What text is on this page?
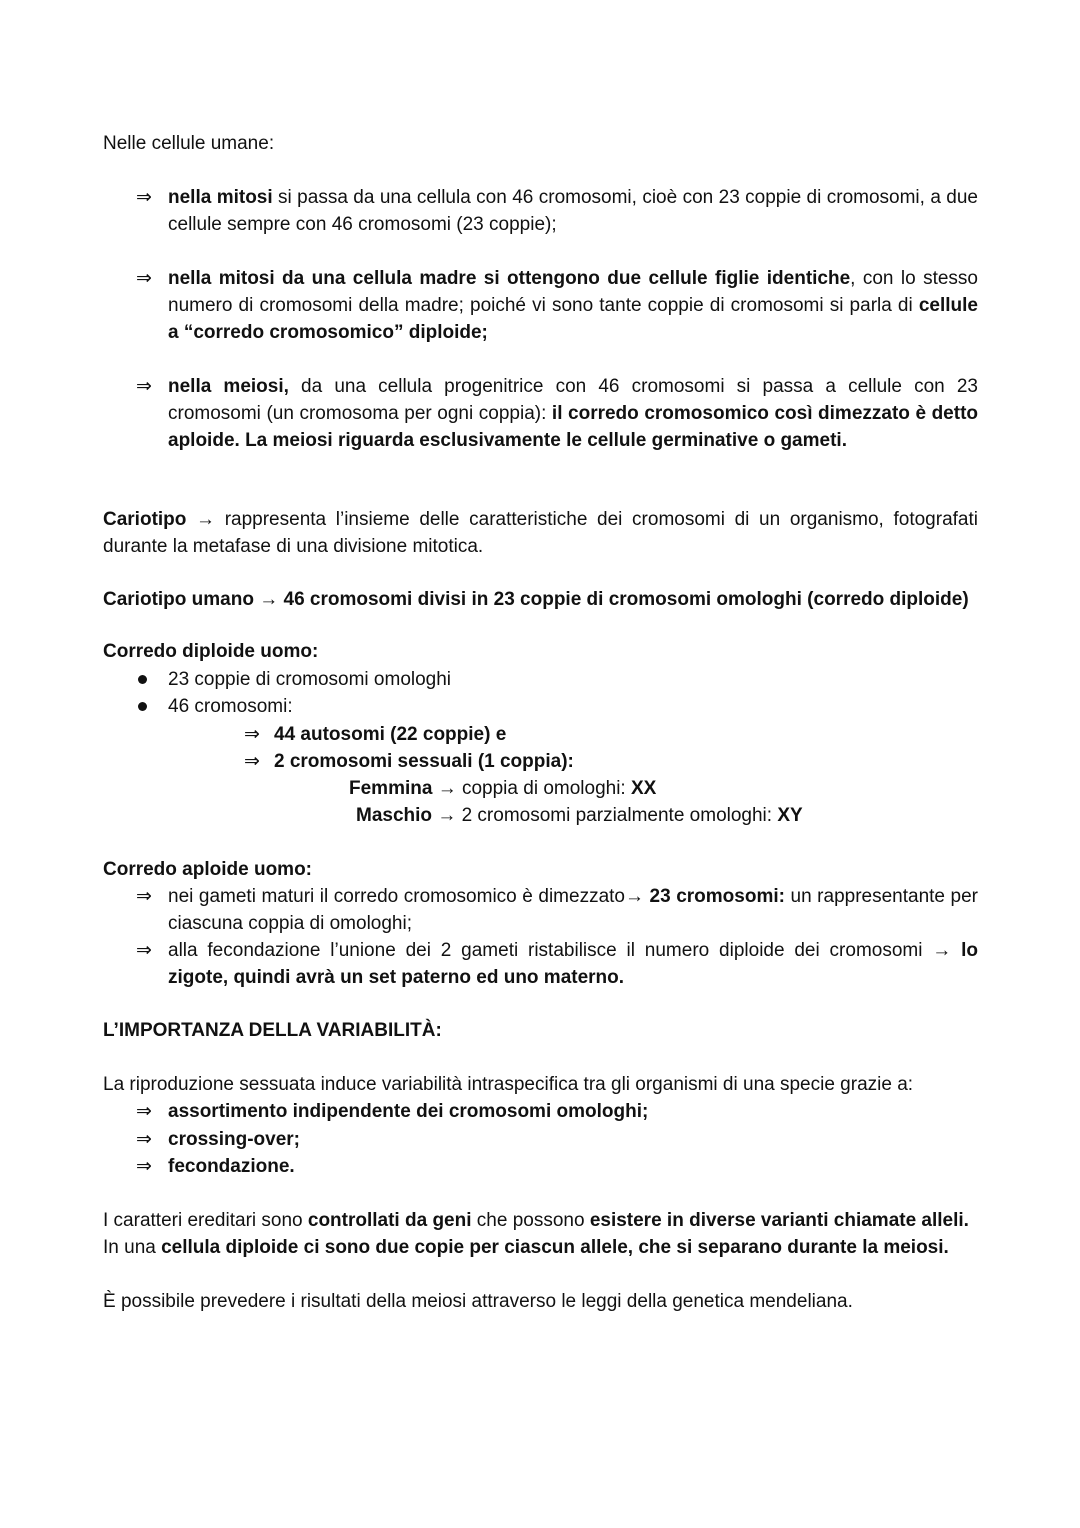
Nelle cellule umane:

⇒ nella mitosi si passa da una cellula con 46 cromosomi, cioè con 23 coppie di cromosomi, a due cellule sempre con 46 cromosomi (23 coppie);
⇒ nella mitosi da una cellula madre si ottengono due cellule figlie identiche, con lo stesso numero di cromosomi della madre; poiché vi sono tante coppie di cromosomi si parla di cellule a “corredo cromosomico” diploide;
⇒ nella meiosi, da una cellula progenitrice con 46 cromosomi si passa a cellule con 23 cromosomi (un cromosoma per ogni coppia): il corredo cromosomico così dimezzato è detto aploide. La meiosi riguarda esclusivamente le cellule germinative o gameti.

Cariotipo → rappresenta l’insieme delle caratteristiche dei cromosomi di un organismo, fotografati durante la metafase di una divisione mitotica.

Cariotipo umano → 46 cromosomi divisi in 23 coppie di cromosomi omologhi (corredo diploide)

Corredo diploide uomo:

23 coppie di cromosomi omologhi
46 cromosomi:
⇒ 44 autosomi (22 coppie) e
⇒ 2 cromosomi sessuali (1 coppia):

Femmina → coppia di omologhi: XX

Maschio → 2 cromosomi parzialmente omologhi: XY

Corredo aploide uomo:

⇒ nei gameti maturi il corredo cromosomico è dimezzato→ 23 cromosomi: un rappresentante per ciascuna coppia di omologhi;
⇒ alla fecondazione l’unione dei 2 gameti ristabilisce il numero diploide dei cromosomi → lo zigote, quindi avrà un set paterno ed uno materno.

L’IMPORTANZA DELLA VARIABILITÀ:

La riproduzione sessuata induce variabilità intraspecifica tra gli organismi di una specie grazie a:

⇒ assortimento indipendente dei cromosomi omologhi;
⇒ crossing-over;
⇒ fecondazione.

I caratteri ereditari sono controllati da geni che possono esistere in diverse varianti chiamate alleli.

In una cellula diploide ci sono due copie per ciascun allele, che si separano durante la meiosi.

È possibile prevedere i risultati della meiosi attraverso le leggi della genetica mendeliana.
